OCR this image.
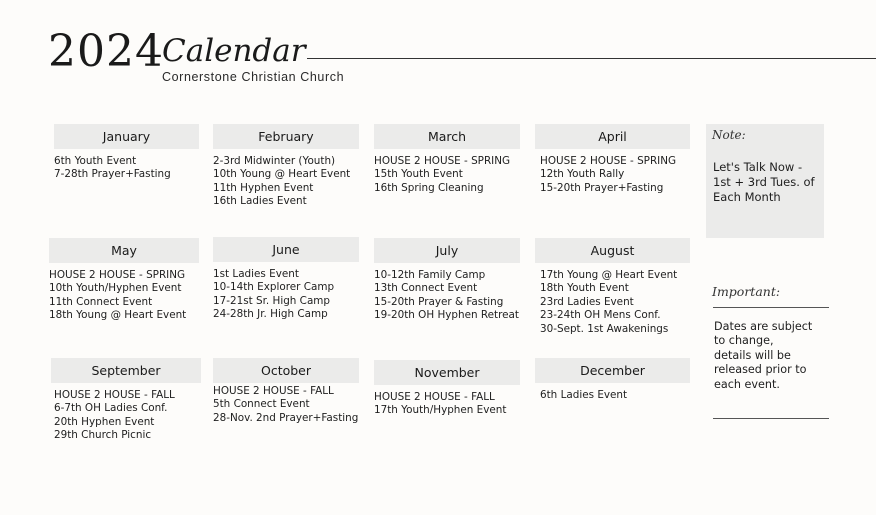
2024
Calendar
Cornerstone Christian Church
January
6th Youth Event
7-28th Prayer+Fasting
February
2-3rd Midwinter (Youth)
10th Young @ Heart Event
11th Hyphen Event
16th Ladies Event
March
HOUSE 2 HOUSE - SPRING
15th Youth Event
16th Spring Cleaning
April
HOUSE 2 HOUSE - SPRING
12th Youth Rally
15-20th Prayer+Fasting
May
HOUSE 2 HOUSE - SPRING
10th Youth/Hyphen Event
11th Connect Event
18th Young @ Heart Event
June
1st Ladies Event
10-14th Explorer Camp
17-21st Sr. High Camp
24-28th Jr. High Camp
July
10-12th Family Camp
13th Connect Event
15-20th Prayer & Fasting
19-20th OH Hyphen Retreat
August
17th Young @ Heart Event
18th Youth Event
23rd Ladies Event
23-24th OH Mens Conf.
30-Sept. 1st Awakenings
September
HOUSE 2 HOUSE - FALL
6-7th OH Ladies Conf.
20th Hyphen Event
29th Church Picnic
October
HOUSE 2 HOUSE - FALL
5th Connect Event
28-Nov. 2nd Prayer+Fasting
November
HOUSE 2 HOUSE - FALL
17th Youth/Hyphen Event
December
6th Ladies Event
Note:
Let's Talk Now - 1st + 3rd Tues. of Each Month
Important:
Dates are subject to change, details will be released prior to each event.
